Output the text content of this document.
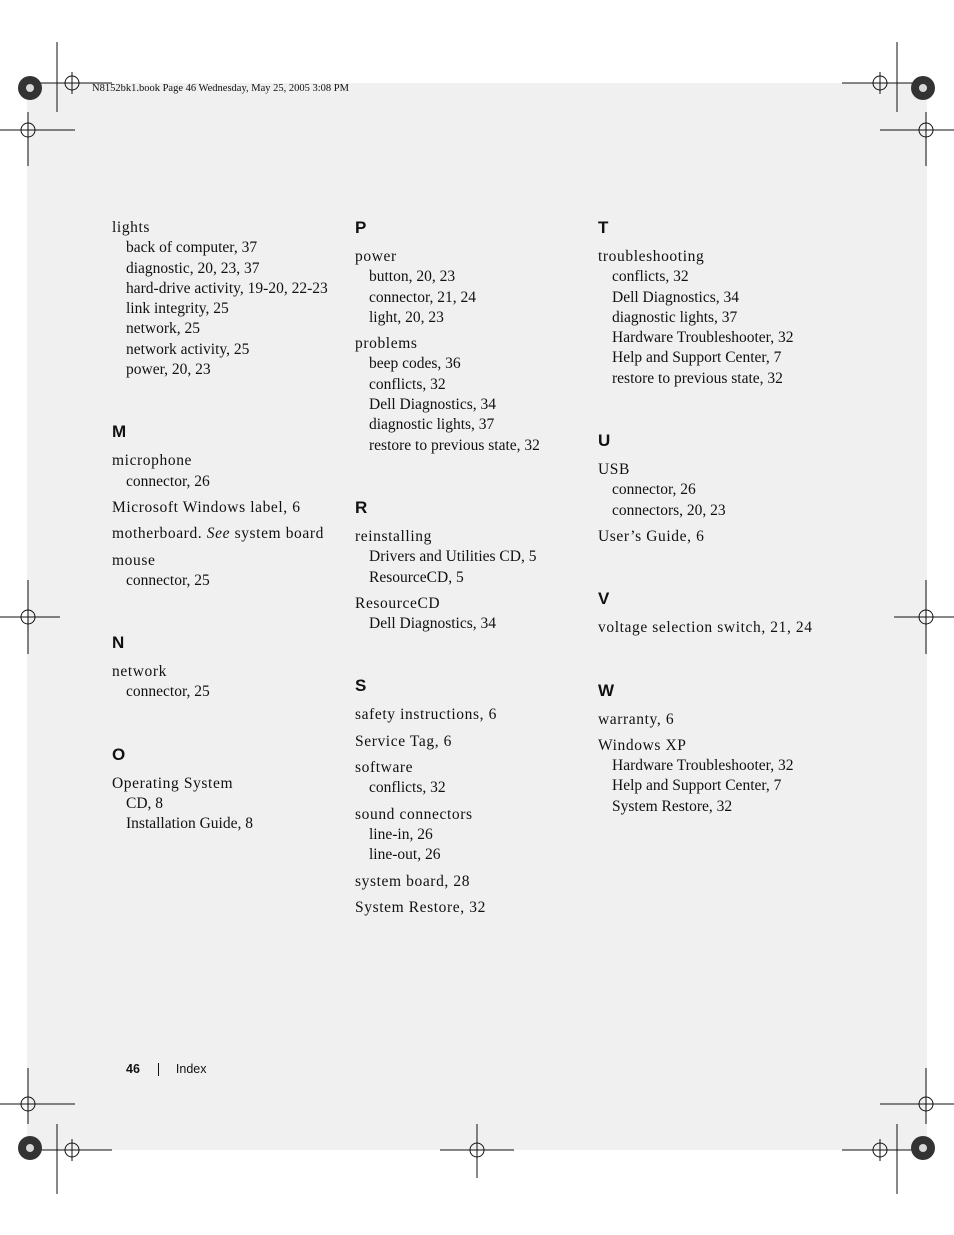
N8152bk1.book Page 46 Wednesday, May 25, 2005 3:08 PM
lights
back of computer, 37
diagnostic, 20, 23, 37
hard-drive activity, 19-20, 22-23
link integrity, 25
network, 25
network activity, 25
power, 20, 23
M
microphone
connector, 26
Microsoft Windows label, 6
motherboard. See system board
mouse
connector, 25
N
network
connector, 25
O
Operating System
CD, 8
Installation Guide, 8
P
power
button, 20, 23
connector, 21, 24
light, 20, 23
problems
beep codes, 36
conflicts, 32
Dell Diagnostics, 34
diagnostic lights, 37
restore to previous state, 32
R
reinstalling
Drivers and Utilities CD, 5
ResourceCD, 5
ResourceCD
Dell Diagnostics, 34
S
safety instructions, 6
Service Tag, 6
software
conflicts, 32
sound connectors
line-in, 26
line-out, 26
system board, 28
System Restore, 32
T
troubleshooting
conflicts, 32
Dell Diagnostics, 34
diagnostic lights, 37
Hardware Troubleshooter, 32
Help and Support Center, 7
restore to previous state, 32
U
USB
connector, 26
connectors, 20, 23
User’s Guide, 6
V
voltage selection switch, 21, 24
W
warranty, 6
Windows XP
Hardware Troubleshooter, 32
Help and Support Center, 7
System Restore, 32
46	Index
